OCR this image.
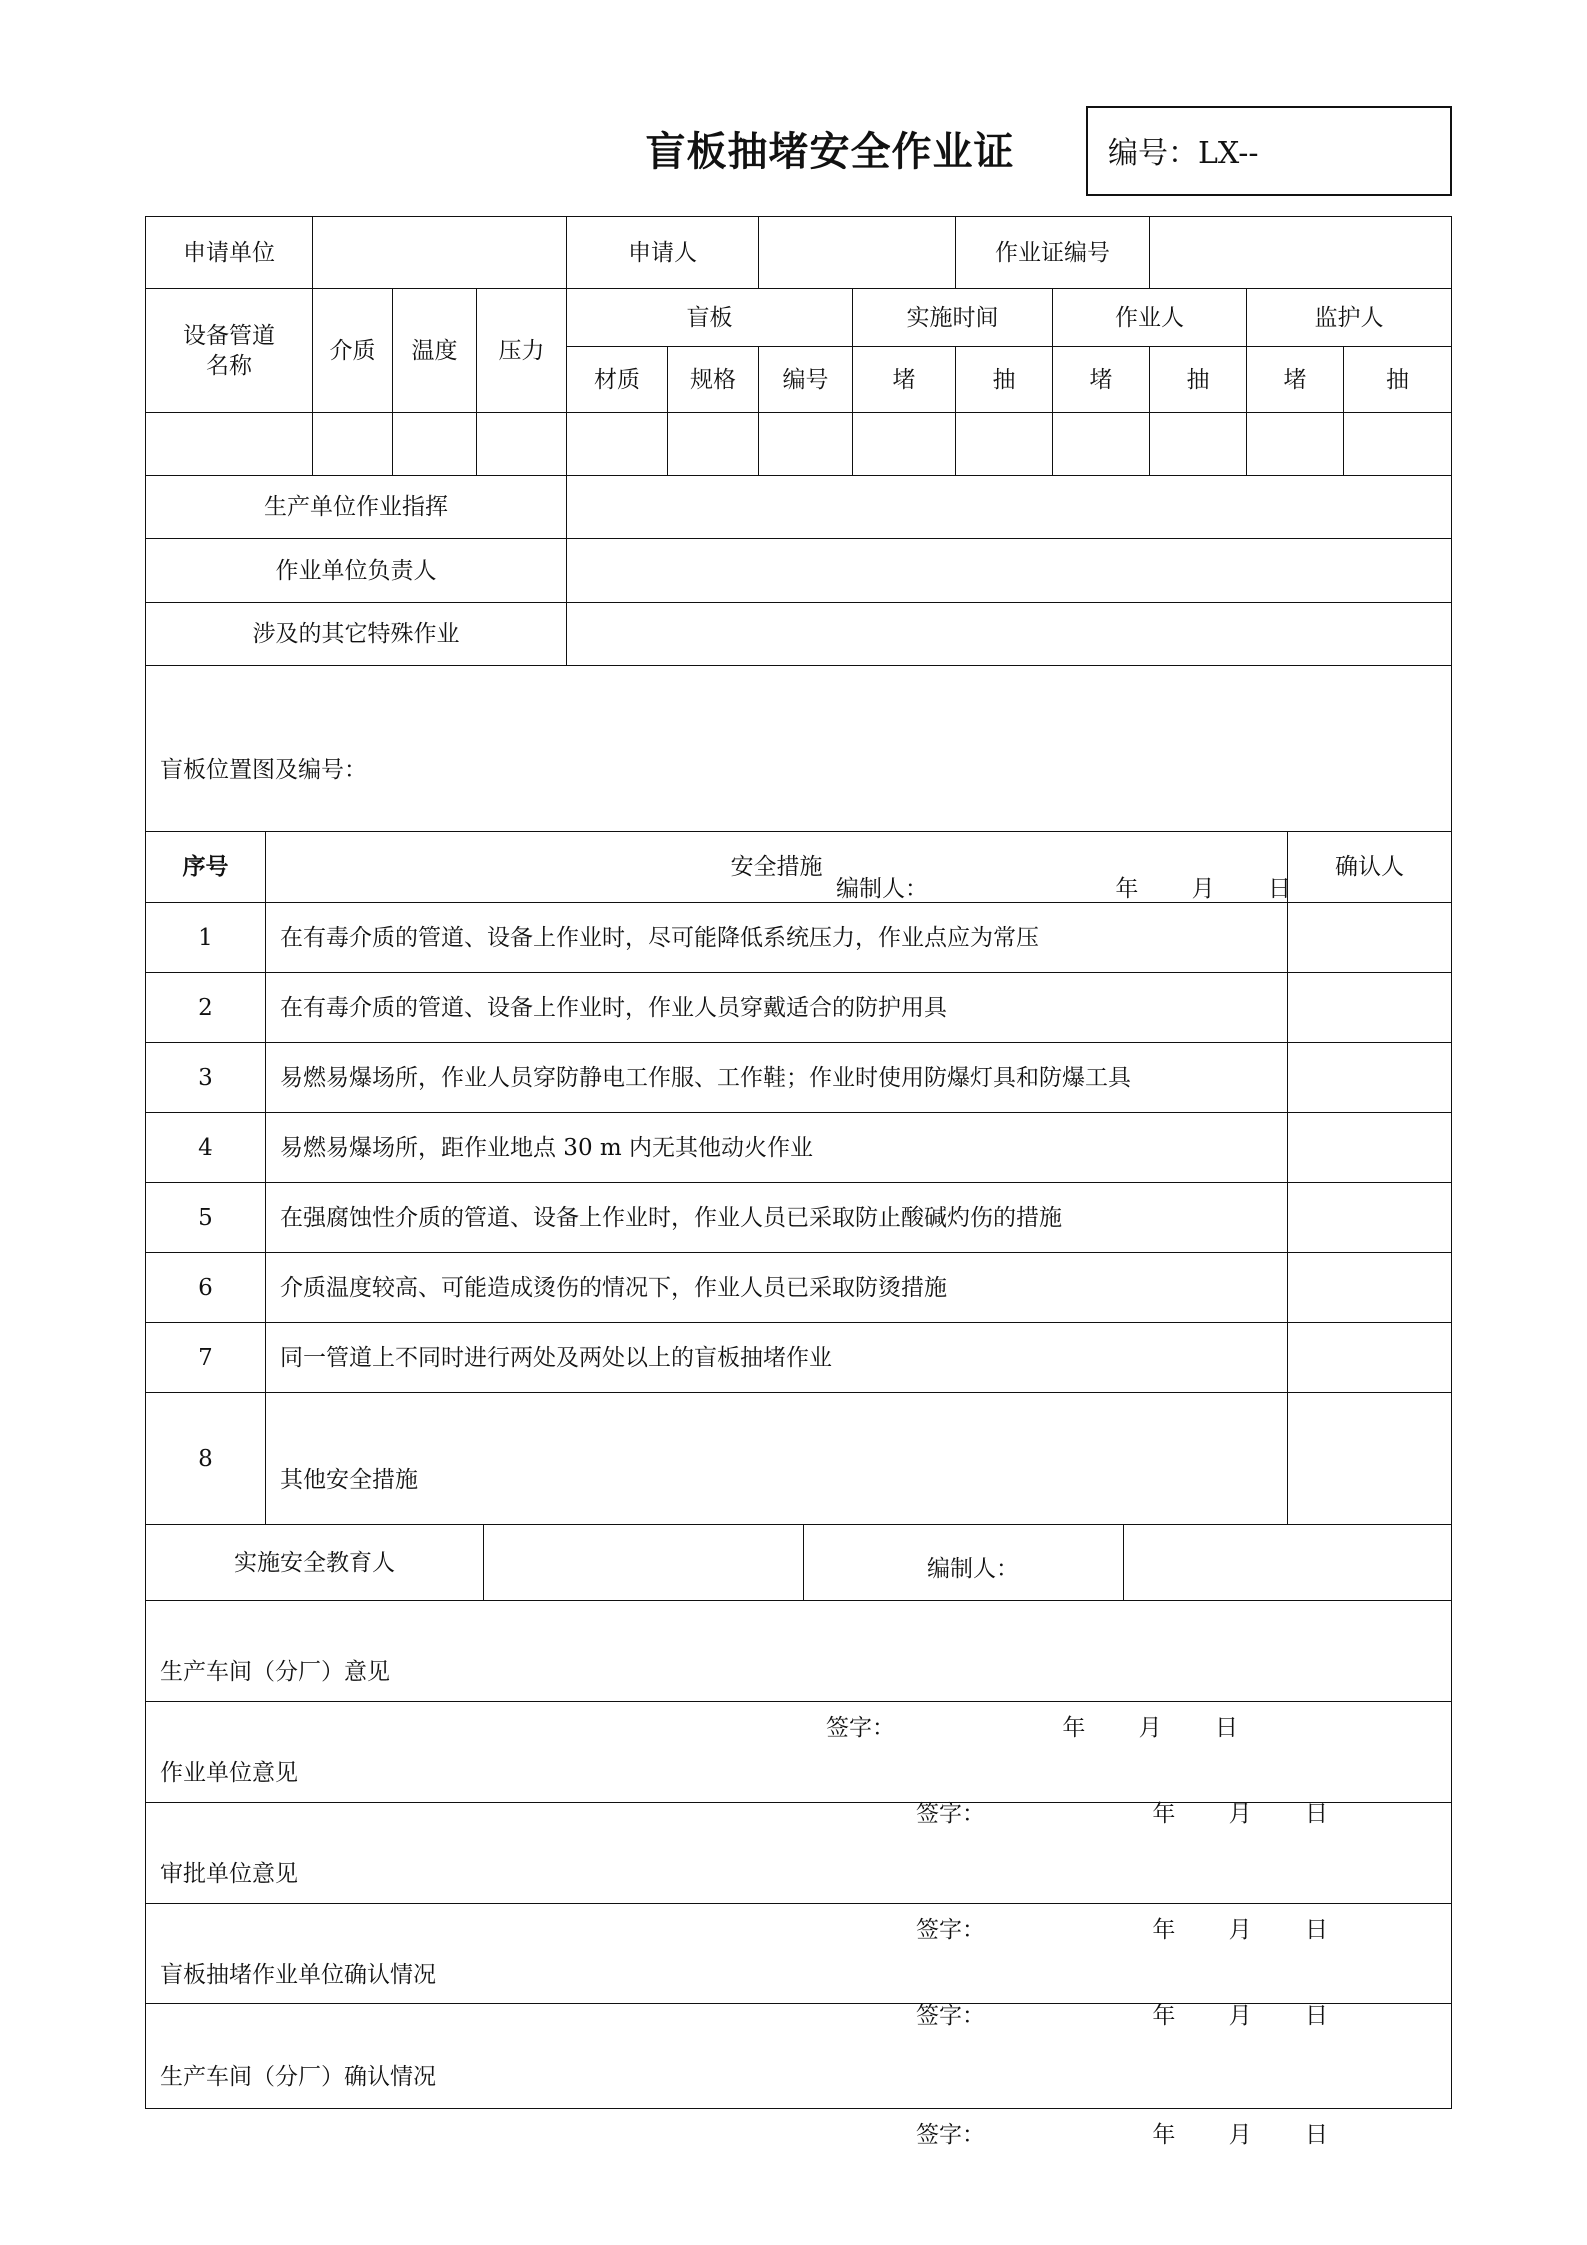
盲板抽堵安全作业证	编号：LX--
申请单位				申请人				作业证编号				
设备管道名称	介质	温度	压力	盲板			实施时间		作业人		监护人	
				材质	规格	编号	堵	抽	堵	抽	堵	抽

生产单位作业指挥												
作业单位负责人												
涉及的其它特殊作业												

盲板位置图及编号：
编制人： 年 月 日												
序号	安全措施	确认人
1	在有毒介质的管道、设备上作业时，尽可能降低系统压力，作业点应为常压	
2	在有毒介质的管道、设备上作业时，作业人员穿戴适合的防护用具	
3	易燃易爆场所，作业人员穿防静电工作服、工作鞋；作业时使用防爆灯具和防爆工具	
4	易燃易爆场所，距作业地点 30 m 内无其他动火作业	
5	在强腐蚀性介质的管道、设备上作业时，作业人员已采取防止酸碱灼伤的措施	
6	介质温度较高、可能造成烫伤的情况下，作业人员已采取防烫措施	
7	同一管道上不同时进行两处及两处以上的盲板抽堵作业	
8	其他安全措施
编制人：	

实施安全教育人			
生产车间（分厂）意见
签字：	年 月 日

作业单位意见
签字：	年 月 日

审批单位意见
签字：	年 月 日

盲板抽堵作业单位确认情况
签字：	年 月 日

生产车间（分厂）确认情况
签字：	年 月 日
